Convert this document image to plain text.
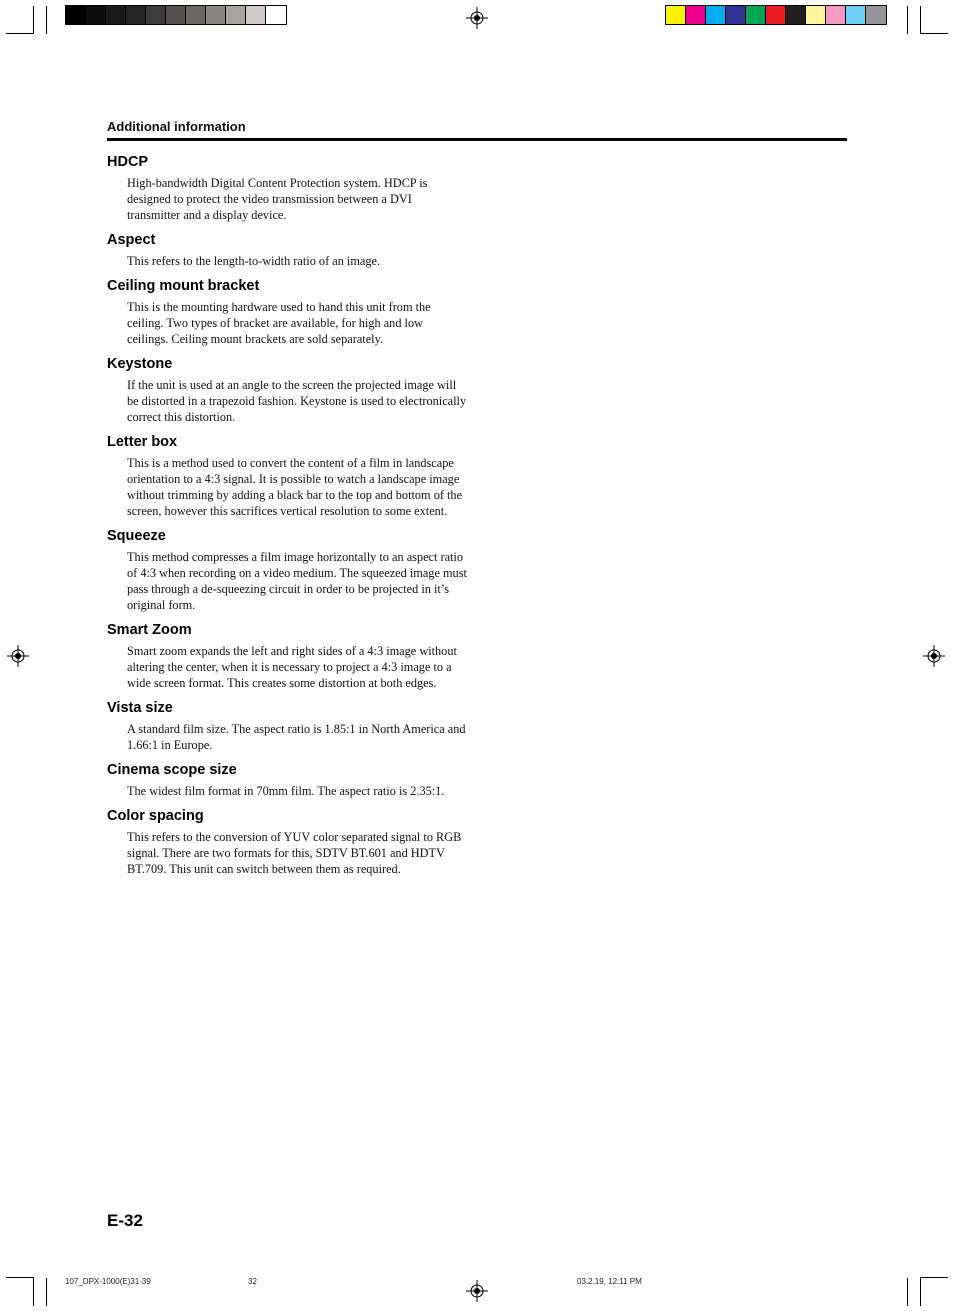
Additional information
HDCP
High-bandwidth Digital Content Protection system. HDCP is designed to protect the video transmission between a DVI transmitter and a display device.
Aspect
This refers to the length-to-width ratio of an image.
Ceiling mount bracket
This is the mounting hardware used to hand this unit from the ceiling. Two types of bracket are available, for high and low ceilings. Ceiling mount brackets are sold separately.
Keystone
If the unit is used at an angle to the screen the projected image will be distorted in a trapezoid fashion. Keystone is used to electronically correct this distortion.
Letter box
This is a method used to convert the content of a film in landscape orientation to a 4:3 signal. It is possible to watch a landscape image without trimming by adding a black bar to the top and bottom of the screen, however this sacrifices vertical resolution to some extent.
Squeeze
This method compresses a film image horizontally to an aspect ratio of 4:3 when recording on a video medium. The squeezed image must pass through a de-squeezing circuit in order to be projected in it’s original form.
Smart Zoom
Smart zoom expands the left and right sides of a 4:3 image without altering the center, when it is necessary to project a 4:3 image to a wide screen format. This creates some distortion at both edges.
Vista size
A standard film size. The aspect ratio is 1.85:1 in North America and 1.66:1 in Europe.
Cinema scope size
The widest film format in 70mm film. The aspect ratio is 2.35:1.
Color spacing
This refers to the conversion of YUV color separated signal to RGB signal. There are two formats for this, SDTV BT.601 and HDTV BT.709. This unit can switch between them as required.
E-32
107_DPX-1000(E)31-39	32	03.2.19, 12:11 PM
